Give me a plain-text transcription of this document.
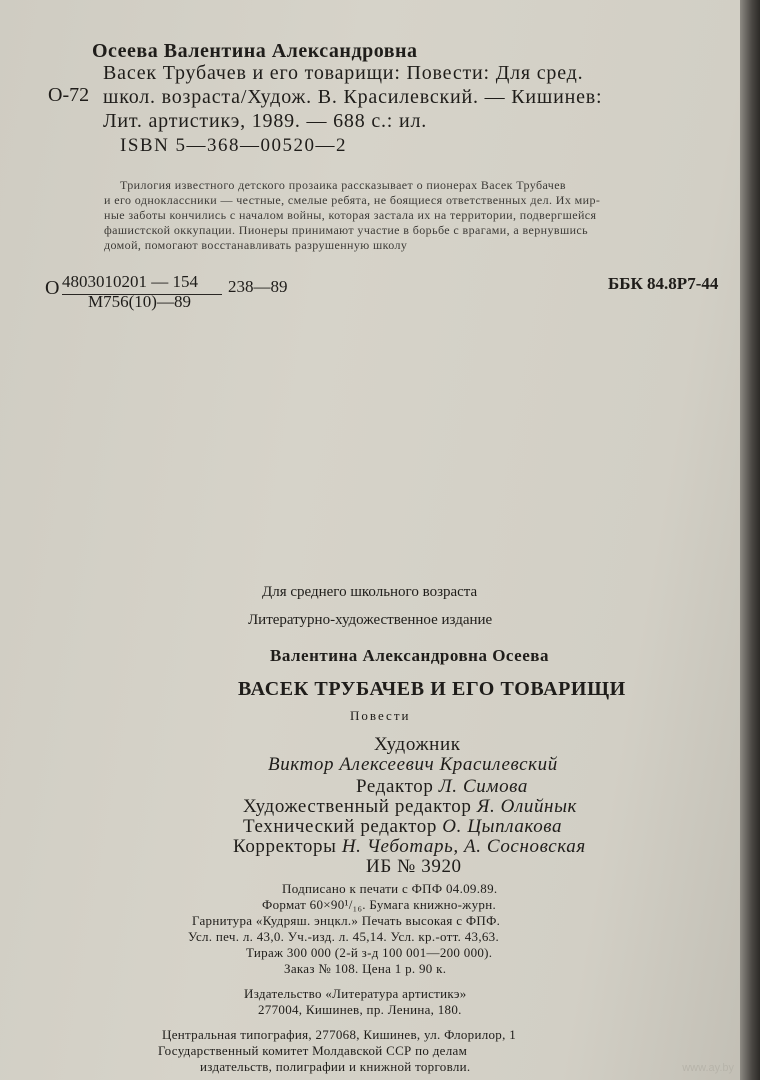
Осеева Валентина Александровна
О-72
Васек Трубачев и его товарищи: Повести: Для сред.
школ. возраста/Худож. В. Красилевский. — Кишинев:
Лит. артистикэ, 1989. — 688 с.: ил.
ISBN 5—368—00520—2
Трилогия известного детского прозаика рассказывает о пионерах Васек Трубачев
и его одноклассники — честные, смелые ребята, не боящиеся ответственных дел. Их мир-
ные заботы кончились с началом войны, которая застала их на территории, подвергшейся
фашистской оккупации. Пионеры принимают участие в борьбе с врагами, а вернувшись
домой, помогают восстанавливать разрушенную школу
О 4803010201 — 154
М756(10)—89
238—89	ББК 84.8Р7-44
Для среднего школьного возраста
Литературно-художественное издание
Валентина Александровна Осеева
ВАСЕК ТРУБАЧЕВ И ЕГО ТОВАРИЩИ
Повести
Художник
Виктор Алексеевич Красилевский
Редактор Л. Симова
Художественный редактор Я. Олийнык
Технический редактор О. Цыплакова
Корректоры Н. Чеботарь, А. Сосновская
ИБ № 3920
Подписано к печати с ФПФ 04.09.89.
Формат 60×90¹/₁₆. Бумага книжно-журн.
Гарнитура «Кудряш. энцкл.» Печать высокая с ФПФ.
Усл. печ. л. 43,0. Уч.-изд. л. 45,14. Усл. кр.-отт. 43,63.
Тираж 300 000 (2-й з-д 100 001—200 000).
Заказ № 108. Цена 1 р. 90 к.
Издательство «Литература артистикэ»
277004, Кишинев, пр. Ленина, 180.
Центральная типография, 277068, Кишинев, ул. Флорилор, 1
Государственный комитет Молдавской ССР по делам
издательств, полиграфии и книжной торговли.	www.ay.by
